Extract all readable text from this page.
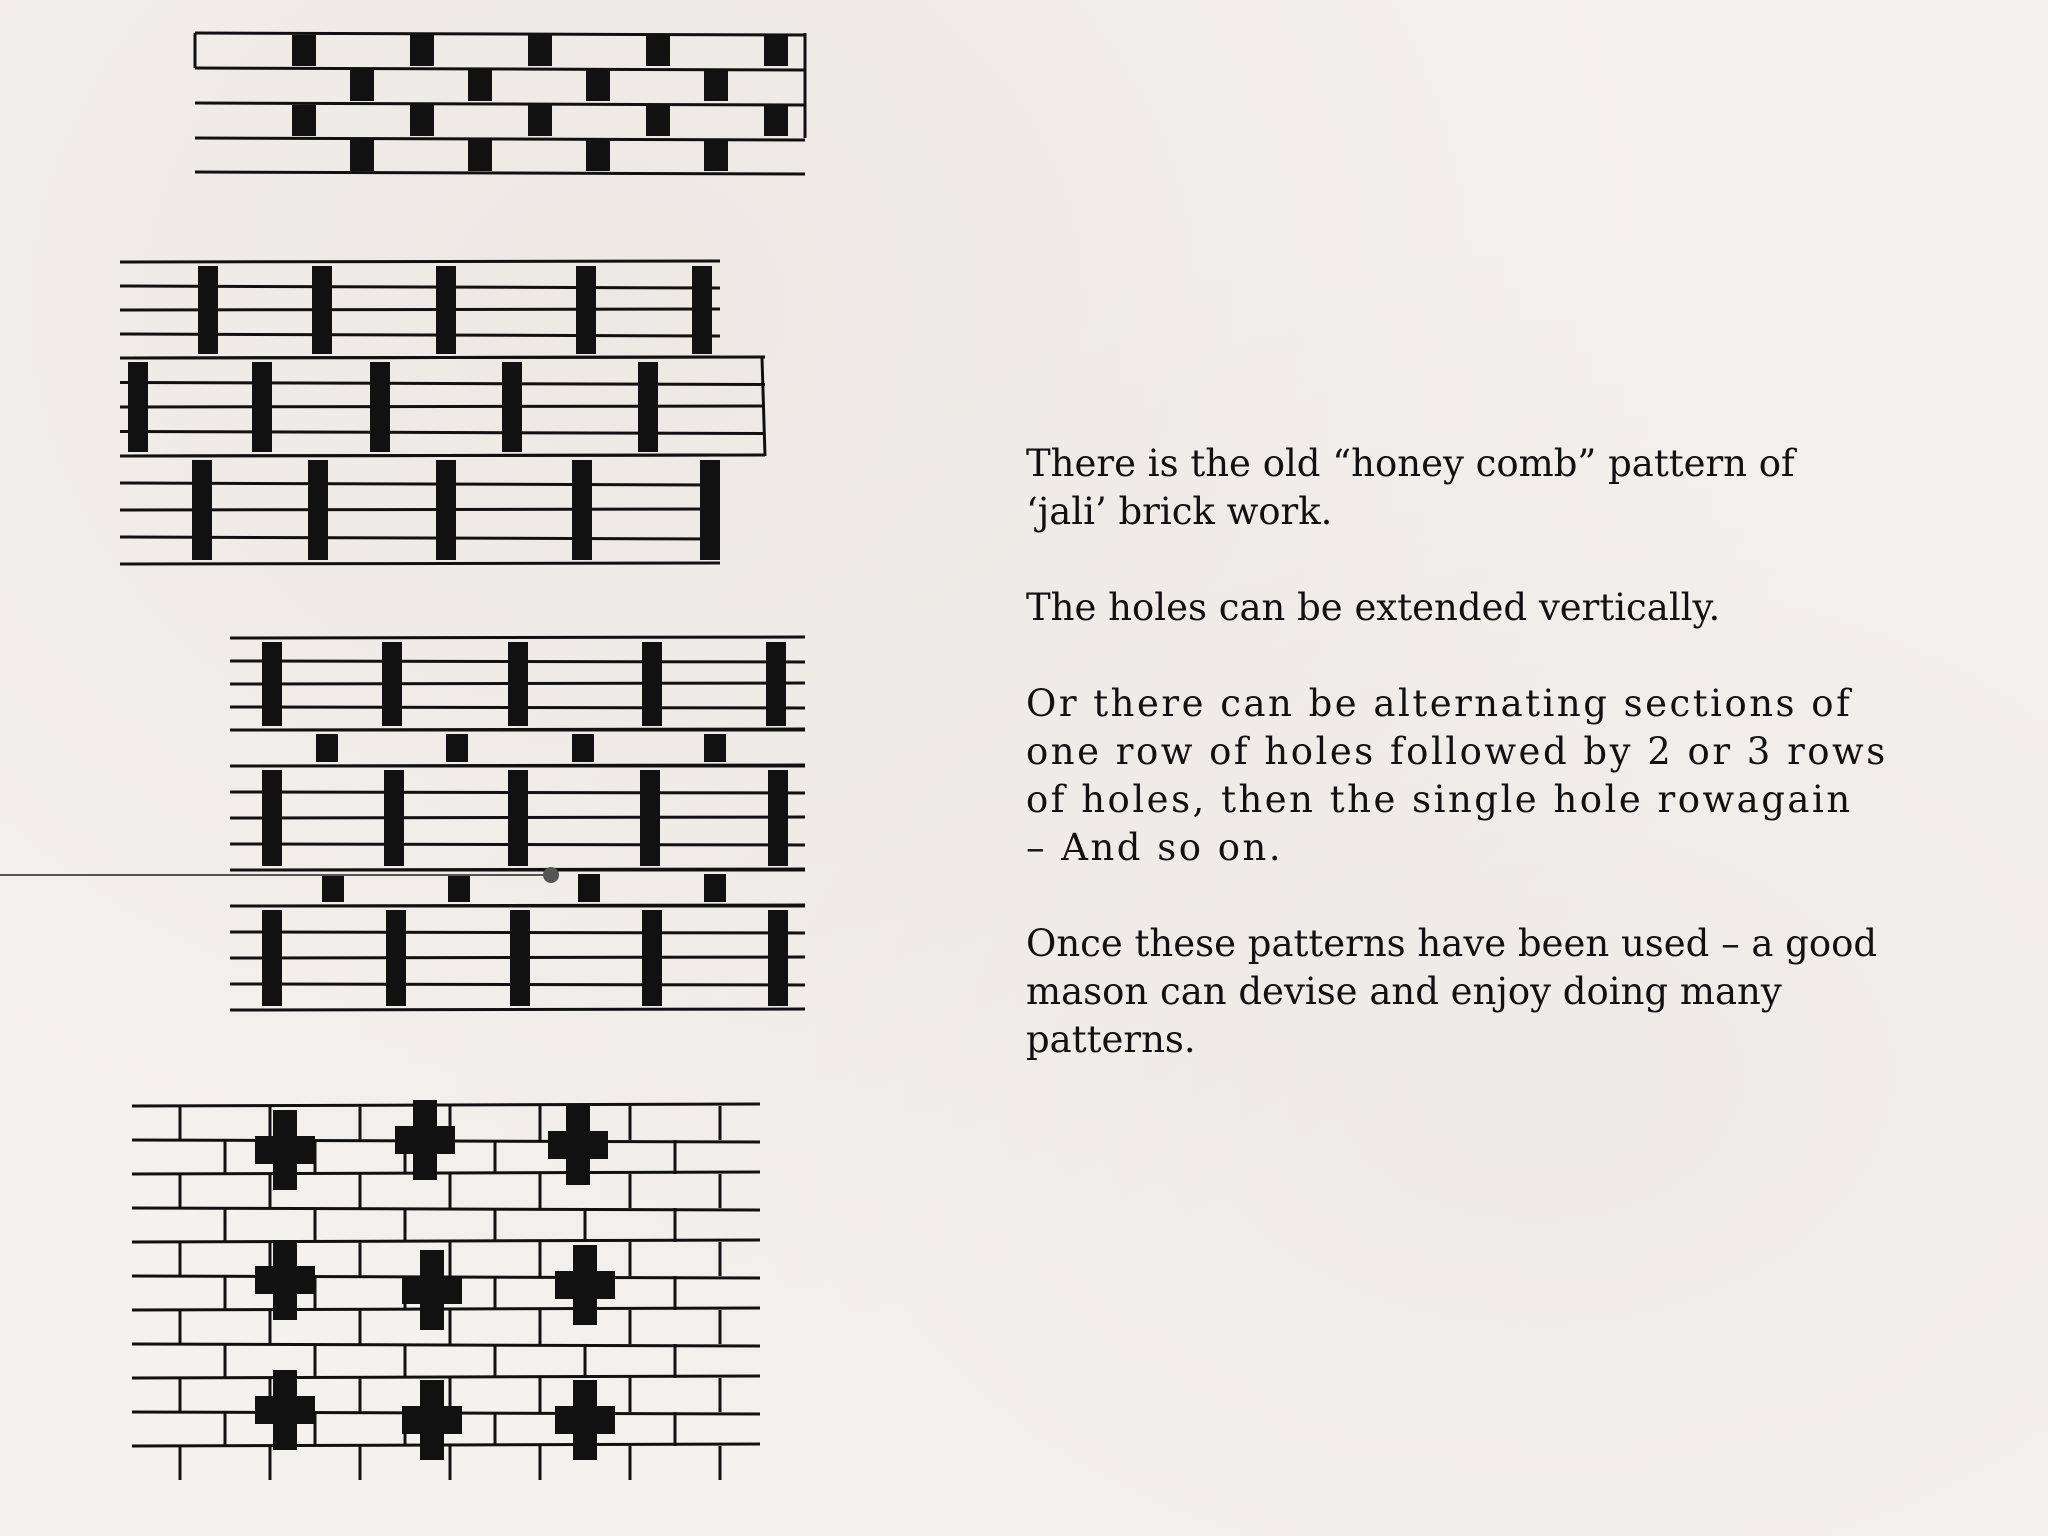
There is the old “honey comb” pattern of
‘jali’ brick work.

The holes can be extended vertically.

Or there can be alternating sections of
one row of holes followed by 2 or 3 rows
of holes, then the single hole rowagain
– And so on.

Once these patterns have been used – a good
mason can devise and enjoy doing many
patterns.
